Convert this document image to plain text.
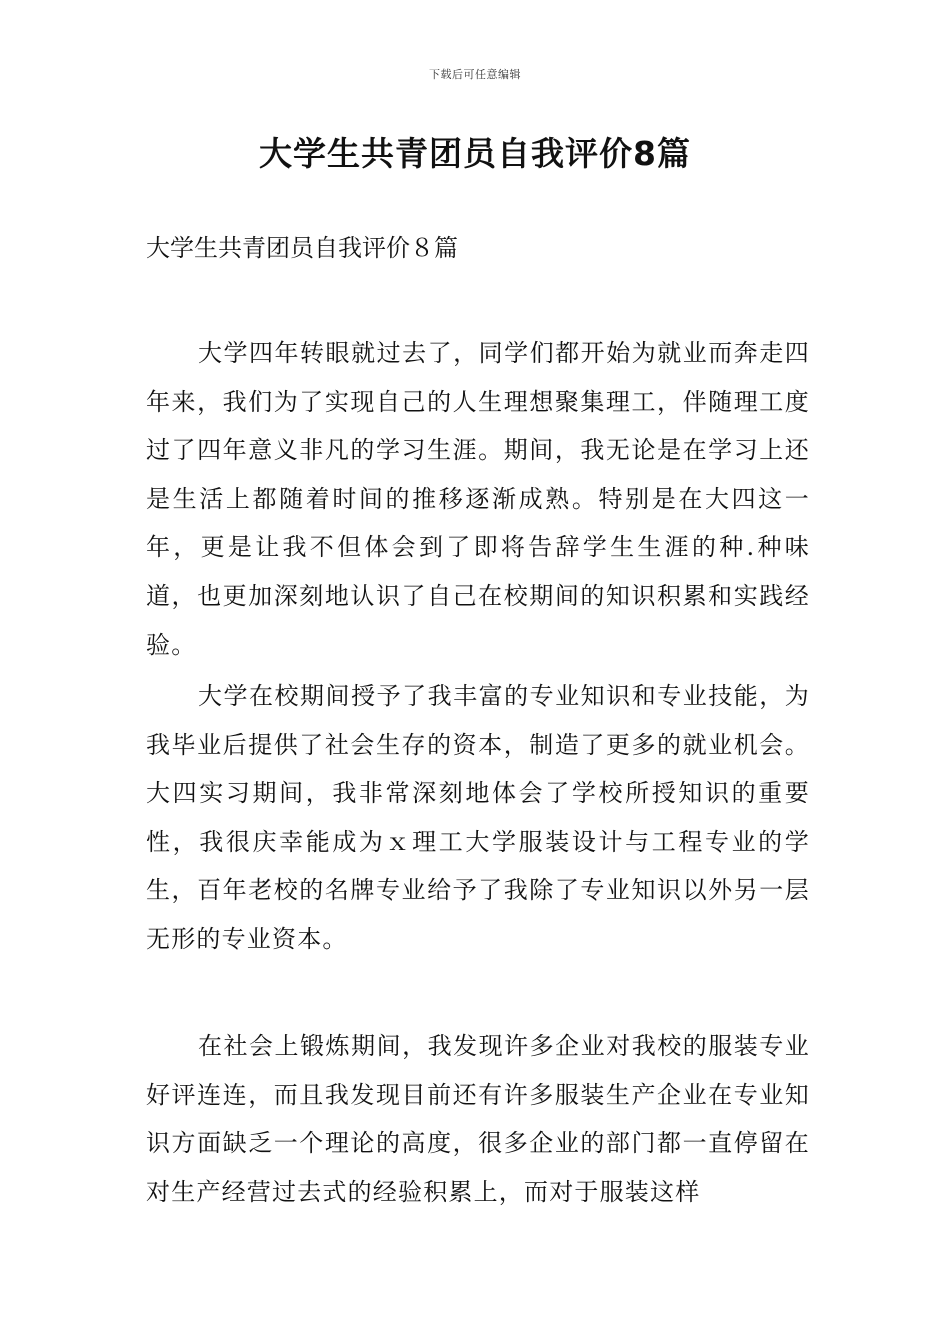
下载后可任意编辑
大学生共青团员自我评价8篇

大学生共青团员自我评价８篇

大学四年转眼就过去了，同学们都开始为就业而奔走四年来，我们为了实现自己的人生理想聚集理工，伴随理工度过了四年意义非凡的学习生涯。期间，我无论是在学习上还是生活上都随着时间的推移逐渐成熟。特别是在大四这一年，更是让我不但体会到了即将告辞学生生涯的种.种味道，也更加深刻地认识了自己在校期间的知识积累和实践经验。

大学在校期间授予了我丰富的专业知识和专业技能，为我毕业后提供了社会生存的资本，制造了更多的就业机会。大四实习期间，我非常深刻地体会了学校所授知识的重要性，我很庆幸能成为ｘ理工大学服装设计与工程专业的学生，百年老校的名牌专业给予了我除了专业知识以外另一层无形的专业资本。

在社会上锻炼期间，我发现许多企业对我校的服装专业好评连连，而且我发现目前还有许多服装生产企业在专业知识方面缺乏一个理论的高度，很多企业的部门都一直停留在对生产经营过去式的经验积累上，而对于服装这样
